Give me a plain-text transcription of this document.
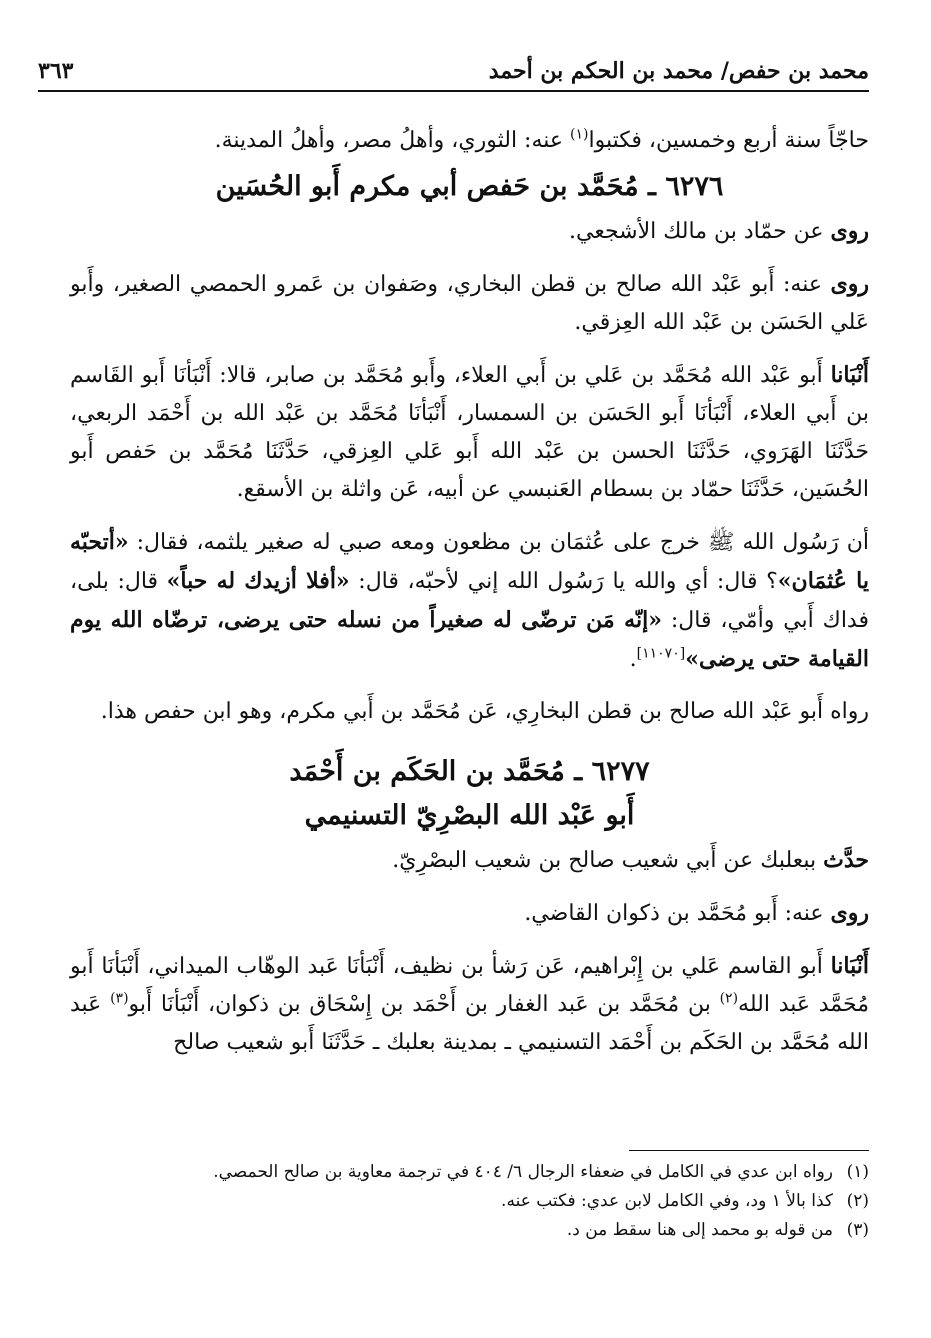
محمد بن حفص/ محمد بن الحكم بن أحمد
٣٦٣

حاجّاً سنة أربع وخمسين، فكتبوا$^{(١)}$ عنه: الثوري، وأهلُ مصر، وأهلُ المدينة.

٦٢٧٦ ـ مُحَمَّد بن حَفص أبي مكرم أَبو الحُسَين

روى عن حمّاد بن مالك الأشجعي.

روى عنه: أَبو عَبْد الله صالح بن قطن البخاري، وصَفوان بن عَمرو الحمصي الصغير، وأَبو عَلي الحَسَن بن عَبْد الله العِزقي.

أَنْبَانا أَبو عَبْد الله مُحَمَّد بن عَلي بن أَبي العلاء، وأَبو مُحَمَّد بن صابر، قالا: أَنْبَأنَا أَبو القَاسم بن أَبي العلاء، أَنْبَأنَا أَبو الحَسَن بن السمسار، أَنْبَأنَا مُحَمَّد بن عَبْد الله بن أَحْمَد الربعي، حَدَّثَنَا الهَرَوي، حَدَّثَنَا الحسن بن عَبْد الله أَبو عَلي العِزقي، حَدَّثَنَا مُحَمَّد بن حَفص أَبو الحُسَين، حَدَّثَنَا حمّاد بن بسطام العَنبسي عن أبيه، عَن واثلة بن الأسقع.

أن رَسُول الله ﷺ خرج على عُثمَان بن مظعون ومعه صبي له صغير يلثمه، فقال: «أتحبّه يا عُثمَان»؟ قال: أي والله يا رَسُول الله إني لأحبّه، قال: «أفلا أزيدك له حباً» قال: بلى، فداك أَبي وأمّي، قال: «إنّه مَن ترضّى له صغيراً من نسله حتى يرضى، ترضّاه الله يوم القيامة حتى يرضى»[١١٠٧٠].

رواه أَبو عَبْد الله صالح بن قطن البخارِي، عَن مُحَمَّد بن أَبي مكرم، وهو ابن حفص هذا.

٦٢٧٧ ـ مُحَمَّد بن الحَكَم بن أَحْمَد
أَبو عَبْد الله البصْرِيّ التسنيمي

حدَّث ببعلبك عن أَبي شعيب صالح بن شعيب البصْرِيّ.

روى عنه: أَبو مُحَمَّد بن ذكوان القاضي.

أَنْبَانا أَبو القاسم عَلي بن إِبْراهيم، عَن رَشأ بن نظيف، أَنْبَأنَا عَبد الوهّاب الميداني، أَنْبَأنَا أَبو مُحَمَّد عَبد الله$^{(٢)}$ بن مُحَمَّد بن عَبد الغفار بن أَحْمَد بن إِسْحَاق بن ذكوان، أَنْبَأنَا أَبو$^{(٣)}$ عَبد الله مُحَمَّد بن الحَكَم بن أَحْمَد التسنيمي ـ بمدينة بعلبك ـ حَدَّثَنَا أَبو شعيب صالح

(١)
رواه ابن عدي في الكامل في ضعفاء الرجال ٦/ ٤٠٤ في ترجمة معاوية بن صالح الحمصي.
(٢)
كذا بالأ ١ ود، وفي الكامل لابن عدي: فكتب عنه.
(٣)
من قوله بو محمد إلى هنا سقط من د.
